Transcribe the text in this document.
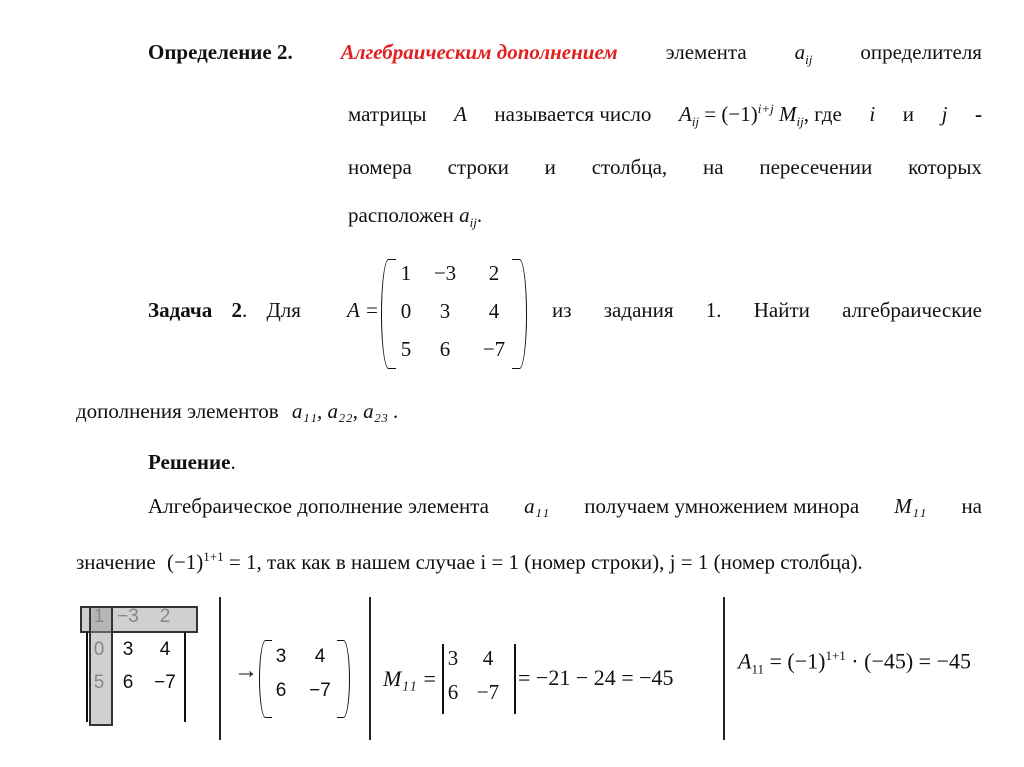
Определение 2. Алгебраическим дополнением элемента $a_{ij}$ определителя
матрицы A называется число $A_{ij} = (-1)^{i+j}$ $M_{ij}$, где i и j -
номера строки и столбца, на пересечении которых
расположен $a_{ij}$.
Задача 2. Для A =
1	−3	2
0	3	4
5	6	−7
из задания 1. Найти алгебраические
дополнения элементов a₁₁, a₂₂, a₂₃ .
Решение.
Алгебраическое дополнение элемента a₁₁ получаем умножением минора M₁₁ на
значение $(-1)^{1+1} = 1$, так как в нашем случае i = 1 (номер строки), j = 1 (номер столбца).
1 −3	2
0 3	4
5 6	−7	→
3	4
6	−7	M₁₁ =
3	4
6 −7
= −21 − 24 = −45
$A_{11} = (-1)^{1+1} \cdot (-45) = -45$
